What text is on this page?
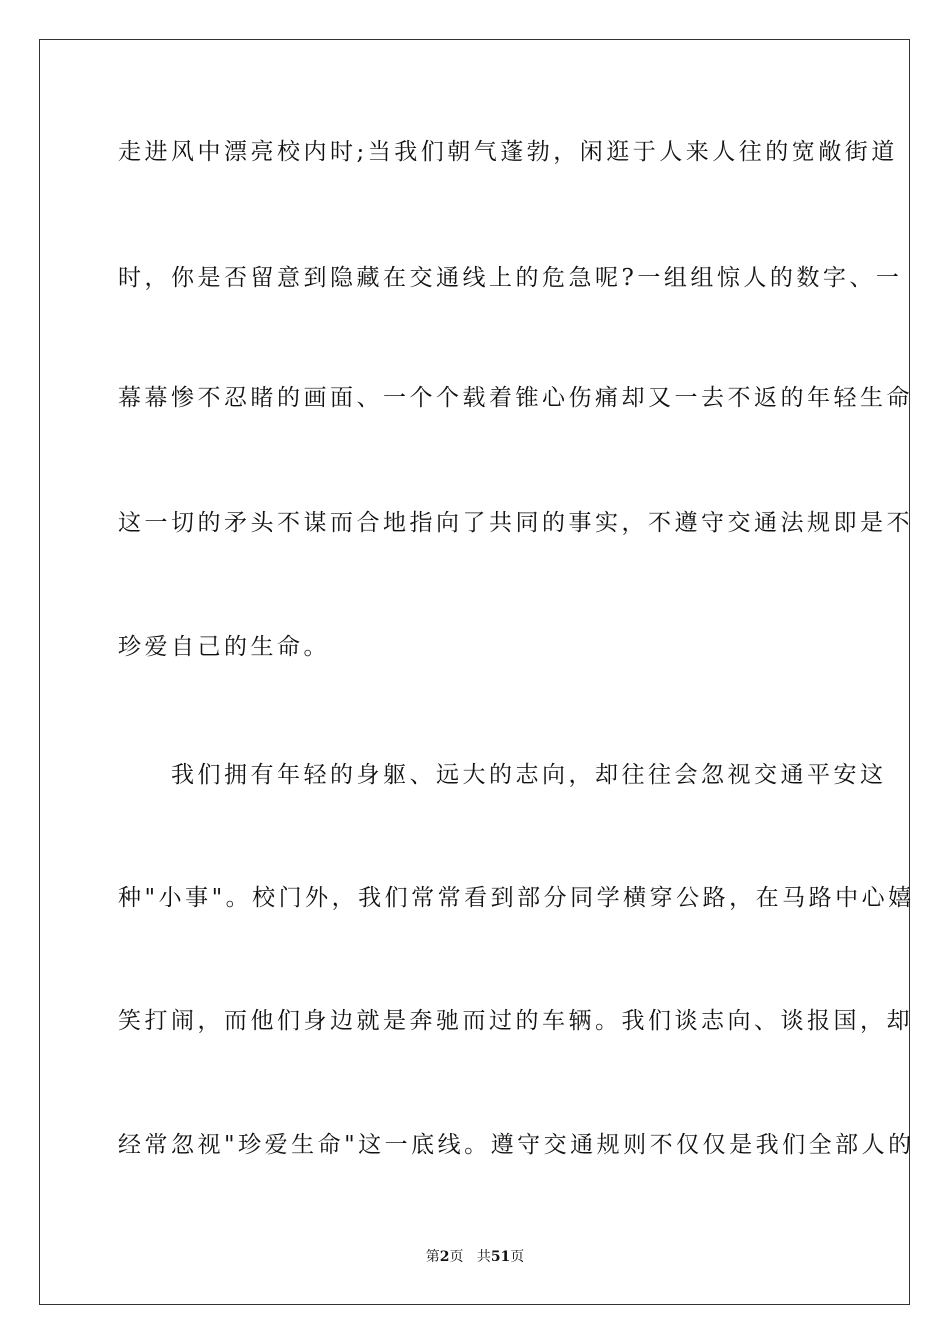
走进风中漂亮校内时;当我们朝气蓬勃，闲逛于人来人往的宽敞街道
时，你是否留意到隐藏在交通线上的危急呢?一组组惊人的数字、一
幕幕惨不忍睹的画面、一个个载着锥心伤痛却又一去不返的年轻生命
这一切的矛头不谋而合地指向了共同的事实，不遵守交通法规即是不
珍爱自己的生命。
　　我们拥有年轻的身躯、远大的志向，却往往会忽视交通平安这
种"小事"。校门外，我们常常看到部分同学横穿公路，在马路中心嬉
笑打闹，而他们身边就是奔驰而过的车辆。我们谈志向、谈报国，却
经常忽视"珍爱生命"这一底线。遵守交通规则不仅仅是我们全部人的
第2页 共51页
